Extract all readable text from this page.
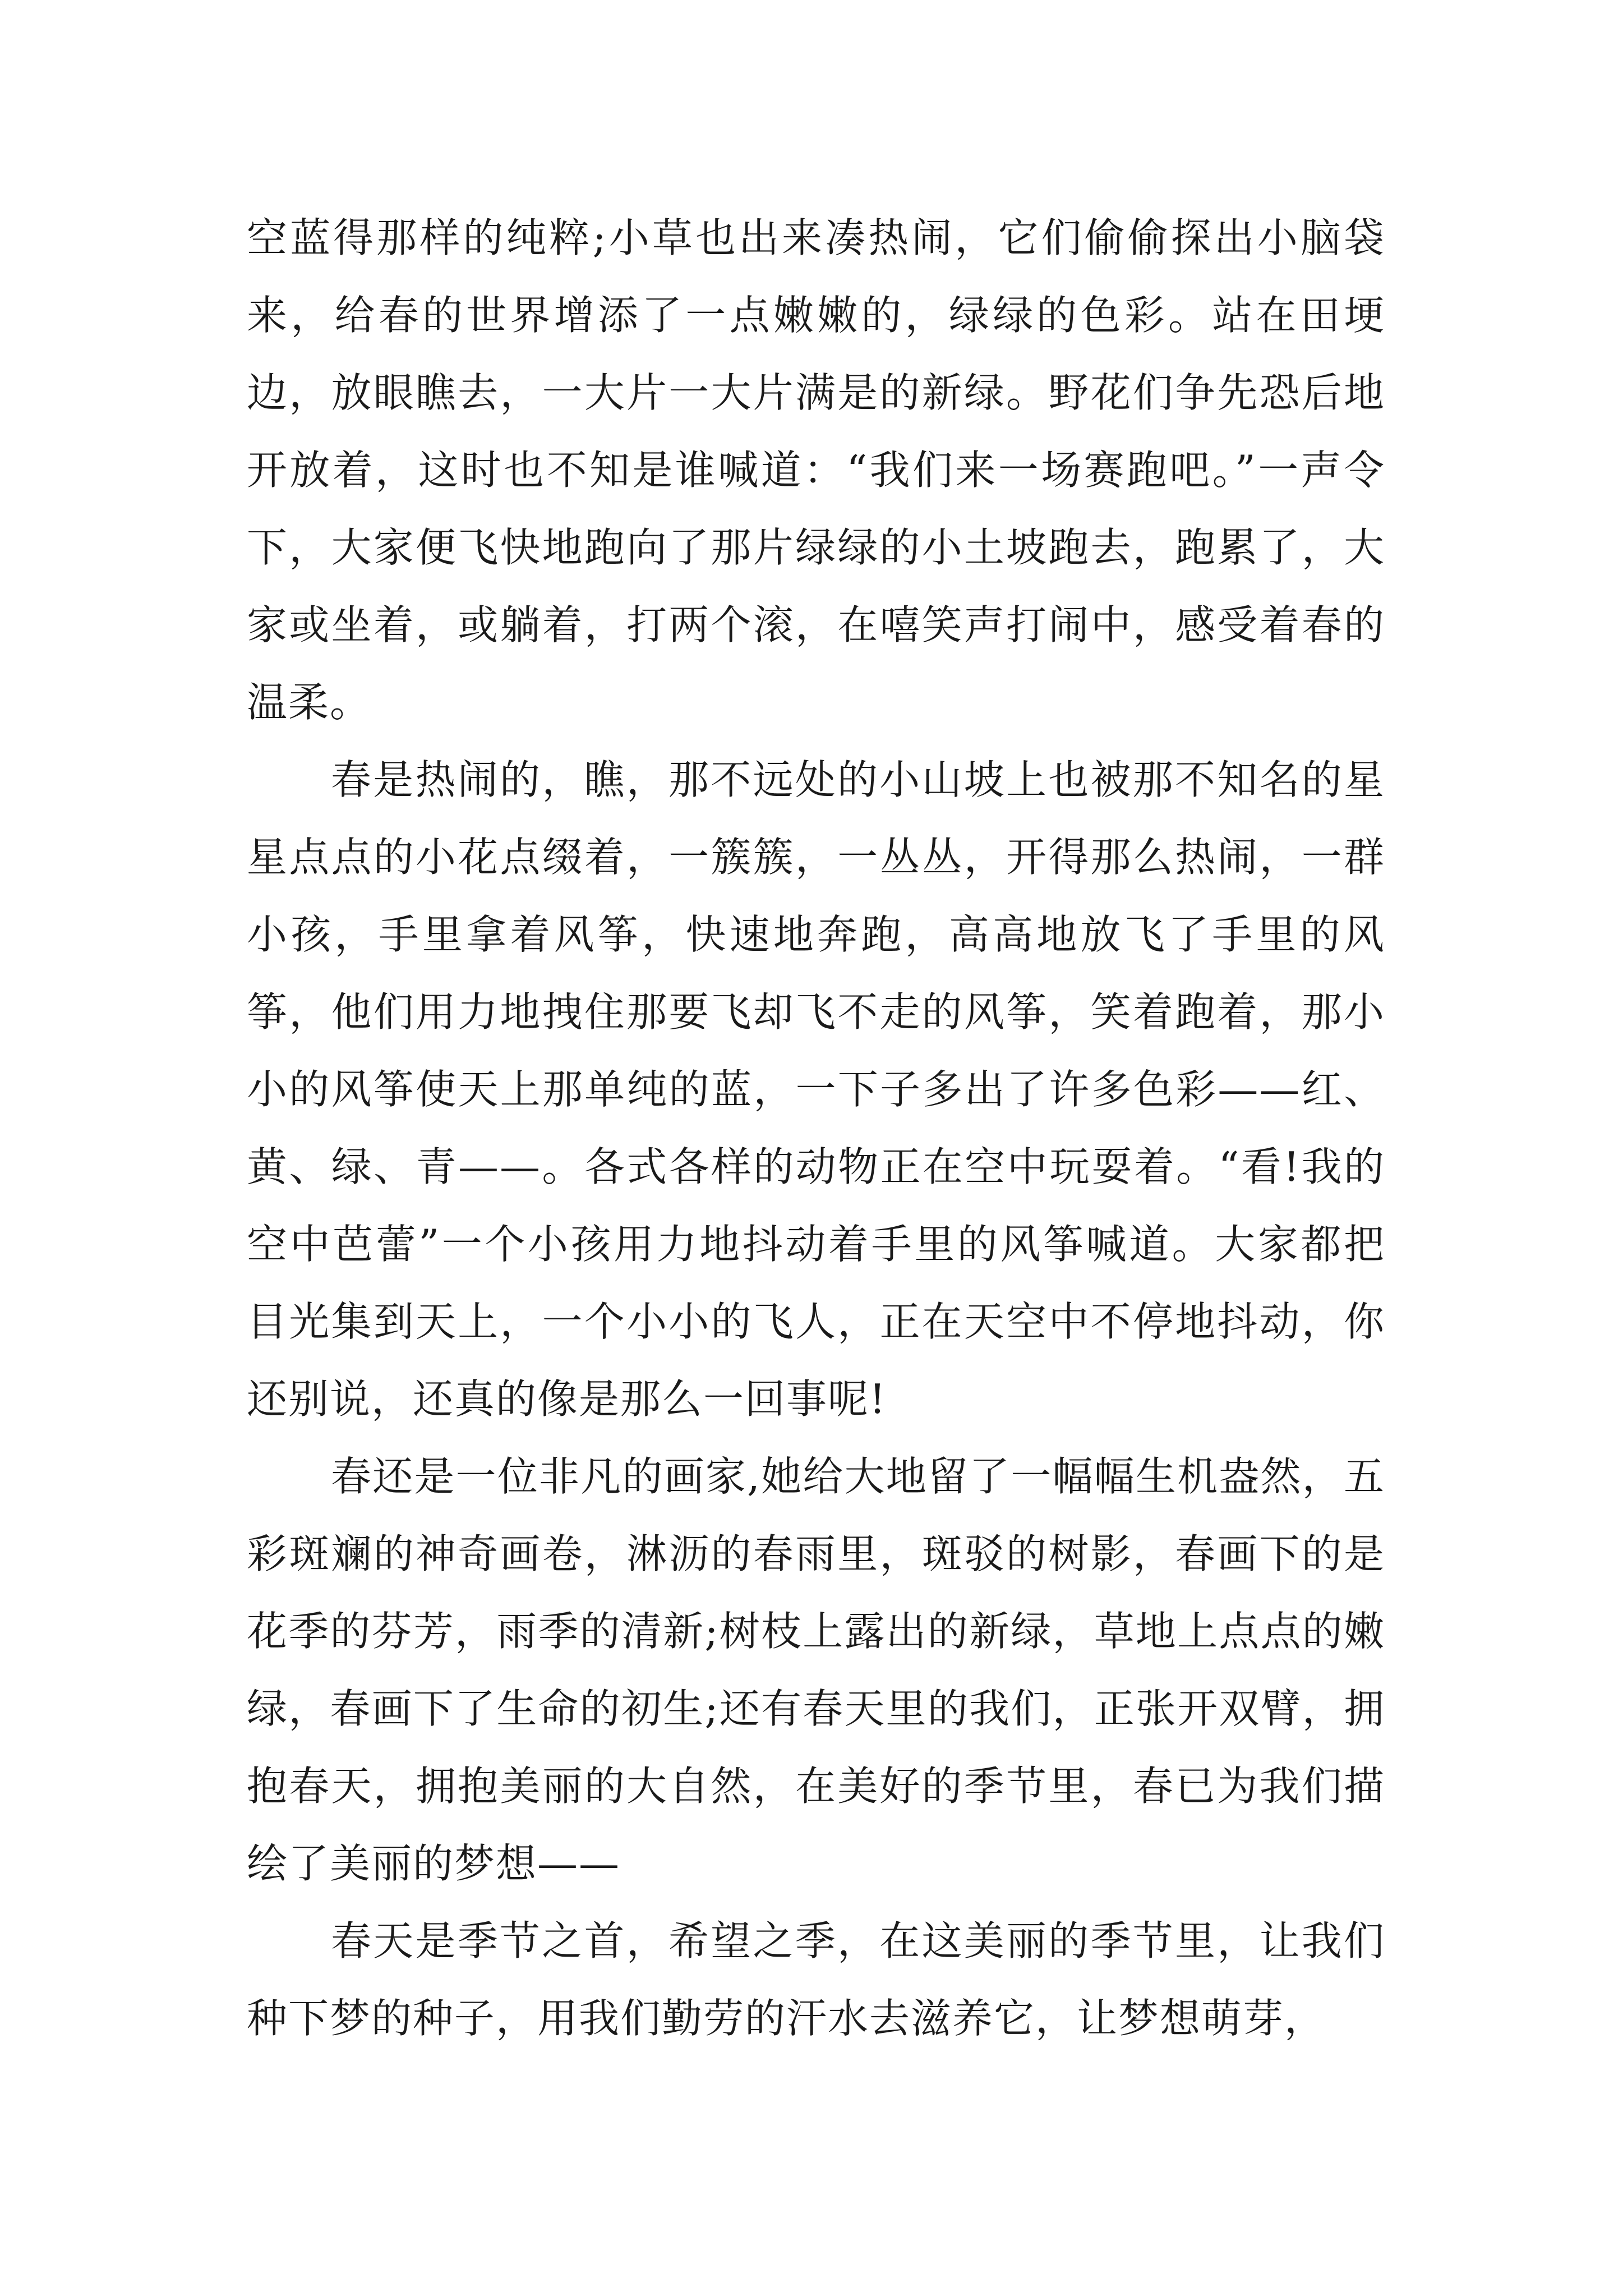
空蓝得那样的纯粹;小草也出来凑热闹，它们偷偷探出小脑袋来，给春的世界增添了一点嫩嫩的，绿绿的色彩。站在田埂边，放眼瞧去，一大片一大片满是的新绿。野花们争先恐后地开放着，这时也不知是谁喊道：“我们来一场赛跑吧。”一声令下，大家便飞快地跑向了那片绿绿的小土坡跑去，跑累了，大家或坐着，或躺着，打两个滚，在嘻笑声打闹中，感受着春的温柔。

春是热闹的，瞧，那不远处的小山坡上也被那不知名的星星点点的小花点缀着，一簇簇，一丛丛，开得那么热闹，一群小孩，手里拿着风筝，快速地奔跑，高高地放飞了手里的风筝，他们用力地拽住那要飞却飞不走的风筝，笑着跑着，那小小的风筝使天上那单纯的蓝，一下子多出了许多色彩——红、黄、绿、青——。各式各样的动物正在空中玩耍着。“看!我的空中芭蕾”一个小孩用力地抖动着手里的风筝喊道。大家都把目光集到天上，一个小小的飞人，正在天空中不停地抖动，你还别说，还真的像是那么一回事呢!

春还是一位非凡的画家,她给大地留了一幅幅生机盎然，五彩斑斓的神奇画卷，淋沥的春雨里，斑驳的树影，春画下的是花季的芬芳，雨季的清新;树枝上露出的新绿，草地上点点的嫩绿，春画下了生命的初生;还有春天里的我们，正张开双臂，拥抱春天，拥抱美丽的大自然，在美好的季节里，春已为我们描绘了美丽的梦想——

春天是季节之首，希望之季，在这美丽的季节里，让我们种下梦的种子，用我们勤劳的汗水去滋养它，让梦想萌芽，
